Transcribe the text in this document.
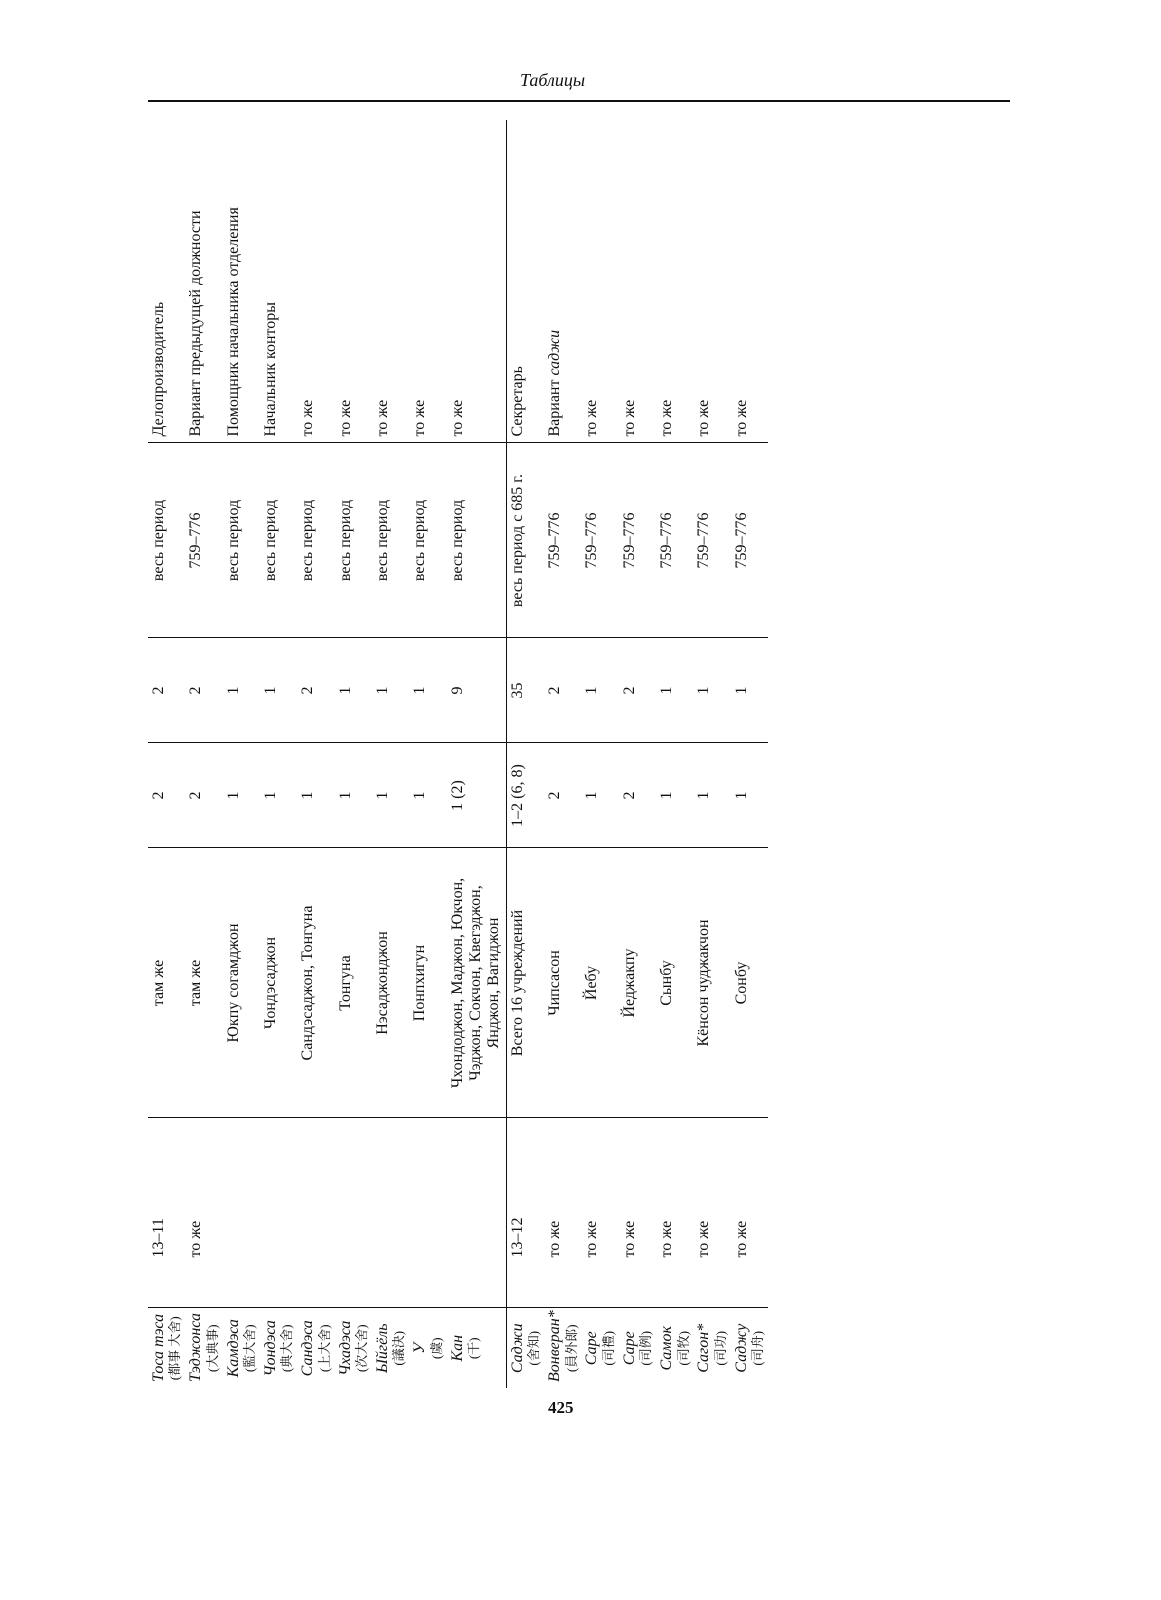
Таблицы
Тоса тэса (都事 大舍)	13–11	там же	2	2	весь период	Делопроизводитель
Тэджонса (大典事)	то же	там же	2	2	759–776	Вариант предыдущей должности
Камдэса (監大舍)		Юкпу согамджон	1	1	весь период	Помощник начальника отделения
Чондэса (典大舍)		Чондэсаджон	1	1	весь период	Начальник конторы
Сандэса (上大舍)		Сандэсаджон, Тонгуна	1	2	весь период	то же
Чхадэса (次大舍)		Тонгуна	1	1	весь период	то же
Ыйгёль (議決)		Нэсаджонджон	1	1	весь период	то же
У (虞)		Понпхигун	1	1	весь период	то же
Кан (干)		Чхондоджон, Маджон, Юкчон, Чэджон, Сокчон, Квегэджон, Янджон, Вагиджон	1 (2)	9	весь период	то же
Саджи (舍知)	13–12	Всего 16 учреждений	1–2 (6, 8)	35	весь период с 685 г.	Секретарь
Вонверан* (員外郎)	то же	Чипсасон	2	2	759–776	Вариант саджи
Сарe (司禮)	то же	Йебу	1	1	759–776	то же
Сарe (司例)	то же	Йеджакпу	2	2	759–776	то же
Самок (司牧)	то же	Сынбу	1	1	759–776	то же
Сагон* (司功)	то же	Кёнсон чуджакчон	1	1	759–776	то же
Саджу (司舟)	то же	Сонбу	1	1	759–776	то же
425
